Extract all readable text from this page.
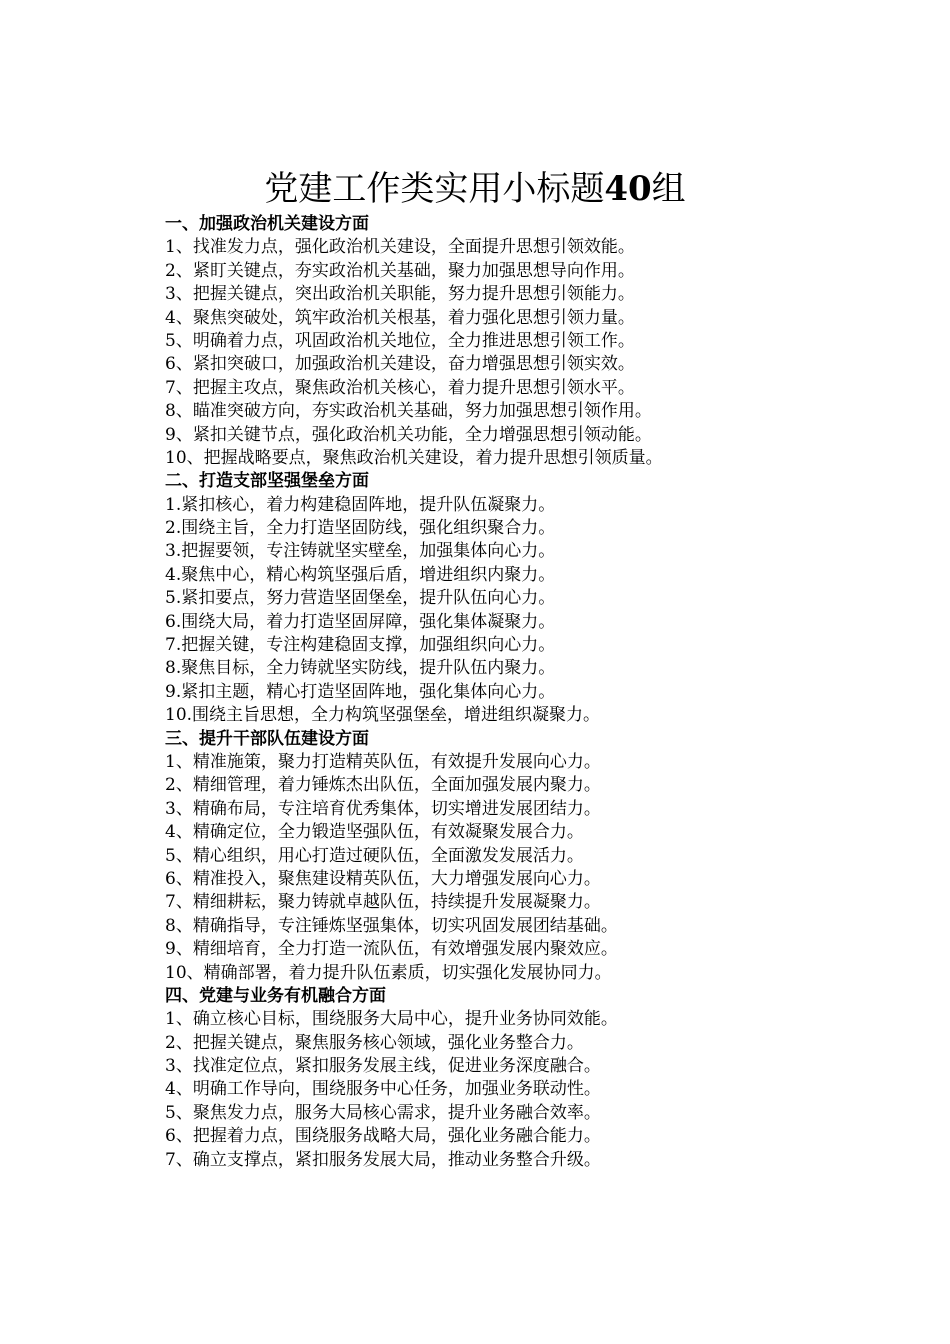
党建工作类实用小标题40组
一、加强政治机关建设方面
1、找准发力点，强化政治机关建设，全面提升思想引领效能。
2、紧盯关键点，夯实政治机关基础，聚力加强思想导向作用。
3、把握关键点，突出政治机关职能，努力提升思想引领能力。
4、聚焦突破处，筑牢政治机关根基，着力强化思想引领力量。
5、明确着力点，巩固政治机关地位，全力推进思想引领工作。
6、紧扣突破口，加强政治机关建设，奋力增强思想引领实效。
7、把握主攻点，聚焦政治机关核心，着力提升思想引领水平。
8、瞄准突破方向，夯实政治机关基础，努力加强思想引领作用。
9、紧扣关键节点，强化政治机关功能，全力增强思想引领动能。
10、把握战略要点，聚焦政治机关建设，着力提升思想引领质量。
二、打造支部坚强堡垒方面
1.紧扣核心，着力构建稳固阵地，提升队伍凝聚力。
2.围绕主旨，全力打造坚固防线，强化组织聚合力。
3.把握要领，专注铸就坚实壁垒，加强集体向心力。
4.聚焦中心，精心构筑坚强后盾，增进组织内聚力。
5.紧扣要点，努力营造坚固堡垒，提升队伍向心力。
6.围绕大局，着力打造坚固屏障，强化集体凝聚力。
7.把握关键，专注构建稳固支撑，加强组织向心力。
8.聚焦目标，全力铸就坚实防线，提升队伍内聚力。
9.紧扣主题，精心打造坚固阵地，强化集体向心力。
10.围绕主旨思想，全力构筑坚强堡垒，增进组织凝聚力。
三、提升干部队伍建设方面
1、精准施策，聚力打造精英队伍，有效提升发展向心力。
2、精细管理，着力锤炼杰出队伍，全面加强发展内聚力。
3、精确布局，专注培育优秀集体，切实增进发展团结力。
4、精确定位，全力锻造坚强队伍，有效凝聚发展合力。
5、精心组织，用心打造过硬队伍，全面激发发展活力。
6、精准投入，聚焦建设精英队伍，大力增强发展向心力。
7、精细耕耘，聚力铸就卓越队伍，持续提升发展凝聚力。
8、精确指导，专注锤炼坚强集体，切实巩固发展团结基础。
9、精细培育，全力打造一流队伍，有效增强发展内聚效应。
10、精确部署，着力提升队伍素质，切实强化发展协同力。
四、党建与业务有机融合方面
1、确立核心目标，围绕服务大局中心，提升业务协同效能。
2、把握关键点，聚焦服务核心领域，强化业务整合力。
3、找准定位点，紧扣服务发展主线，促进业务深度融合。
4、明确工作导向，围绕服务中心任务，加强业务联动性。
5、聚焦发力点，服务大局核心需求，提升业务融合效率。
6、把握着力点，围绕服务战略大局，强化业务融合能力。
7、确立支撑点，紧扣服务发展大局，推动业务整合升级。
